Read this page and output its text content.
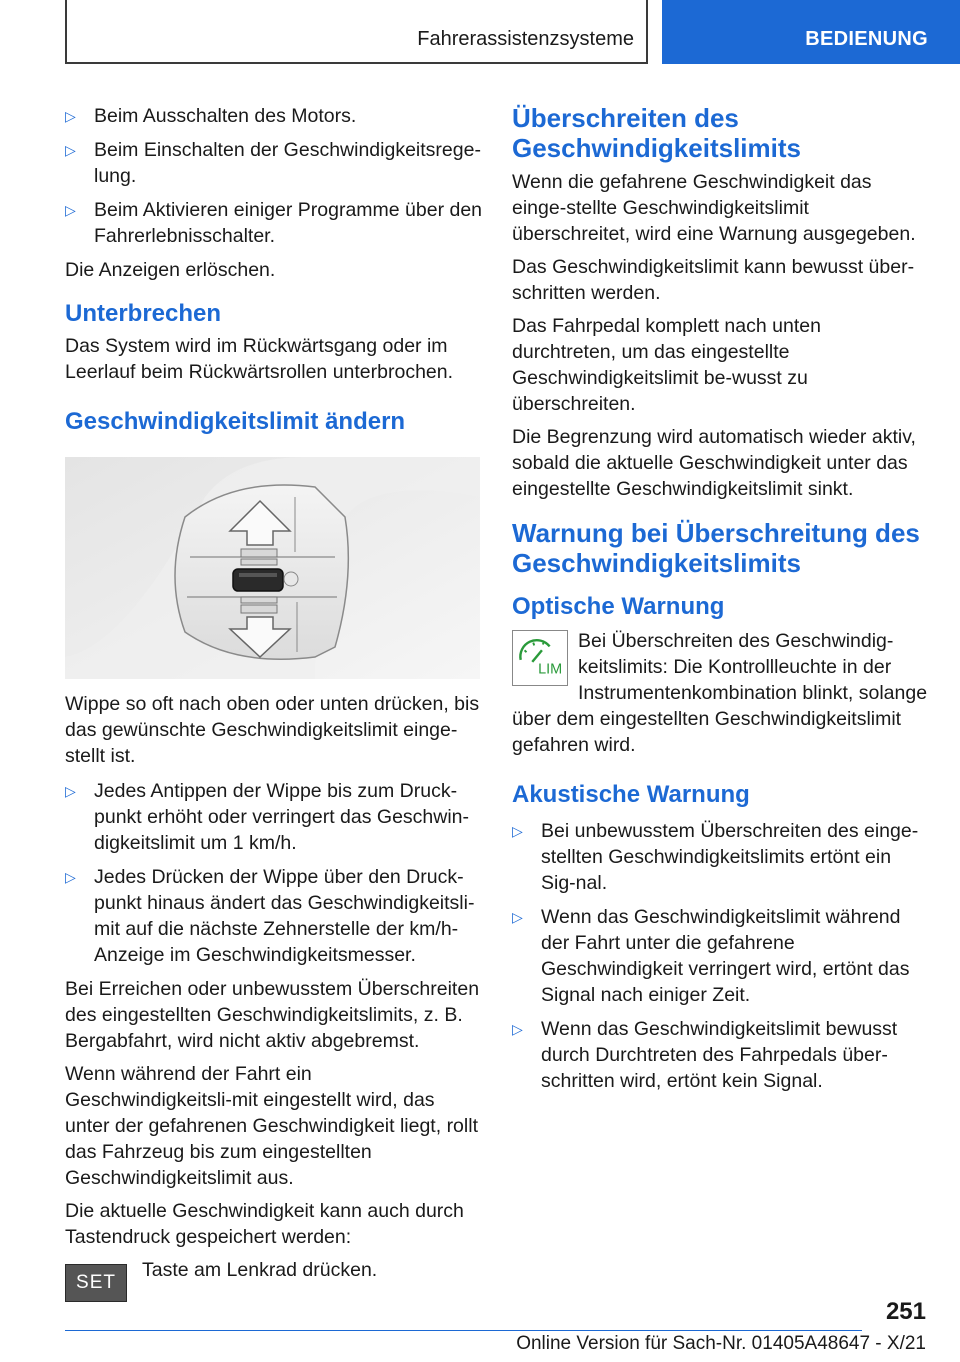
Fahrerassistenzsysteme	BEDIENUNG
▷ Beim Ausschalten des Motors.
▷ Beim Einschalten der Geschwindigkeitsrege-lung.
▷ Beim Aktivieren einiger Programme über den Fahrerlebnisschalter.

Die Anzeigen erlöschen.

Unterbrechen

Das System wird im Rückwärtsgang oder im Leerlauf beim Rückwärtsrollen unterbrochen.

Geschwindigkeitslimit ändern

Wippe so oft nach oben oder unten drücken, bis das gewünschte Geschwindigkeitslimit einge-stellt ist.

▷ Jedes Antippen der Wippe bis zum Druck-punkt erhöht oder verringert das Geschwin-digkeitslimit um 1 km/h.
▷ Jedes Drücken der Wippe über den Druck-punkt hinaus ändert das Geschwindigkeitsli-mit auf die nächste Zehnerstelle der km/h-Anzeige im Geschwindigkeitsmesser.

Bei Erreichen oder unbewusstem Überschreiten des eingestellten Geschwindigkeitslimits, z. B. Bergabfahrt, wird nicht aktiv abgebremst.

Wenn während der Fahrt ein Geschwindigkeitsli-mit eingestellt wird, das unter der gefahrenen Geschwindigkeit liegt, rollt das Fahrzeug bis zum eingestellten Geschwindigkeitslimit aus.

Die aktuelle Geschwindigkeit kann auch durch Tastendruck gespeichert werden:

SET
Taste am Lenkrad drücken.

Überschreiten des Geschwindigkeitslimits

Wenn die gefahrene Geschwindigkeit das einge-stellte Geschwindigkeitslimit überschreitet, wird eine Warnung ausgegeben.

Das Geschwindigkeitslimit kann bewusst über-schritten werden.

Das Fahrpedal komplett nach unten durchtreten, um das eingestellte Geschwindigkeitslimit be-wusst zu überschreiten.

Die Begrenzung wird automatisch wieder aktiv, sobald die aktuelle Geschwindigkeit unter das eingestellte Geschwindigkeitslimit sinkt.

Warnung bei Überschreitung des Geschwindigkeitslimits
Optische Warnung

LIM
Bei Überschreiten des Geschwindig-keitslimits: Die Kontrollleuchte in der Instrumentenkombination blinkt, solange über dem eingestellten Geschwindigkeitslimit gefahren wird.

Akustische Warnung
▷ Bei unbewusstem Überschreiten des einge-stellten Geschwindigkeitslimits ertönt ein Sig-nal.
▷ Wenn das Geschwindigkeitslimit während der Fahrt unter die gefahrene Geschwindigkeit verringert wird, ertönt das Signal nach einiger Zeit.
▷ Wenn das Geschwindigkeitslimit bewusst durch Durchtreten des Fahrpedals über-schritten wird, ertönt kein Signal.
251
Online Version für Sach-Nr. 01405A48647 - X/21
